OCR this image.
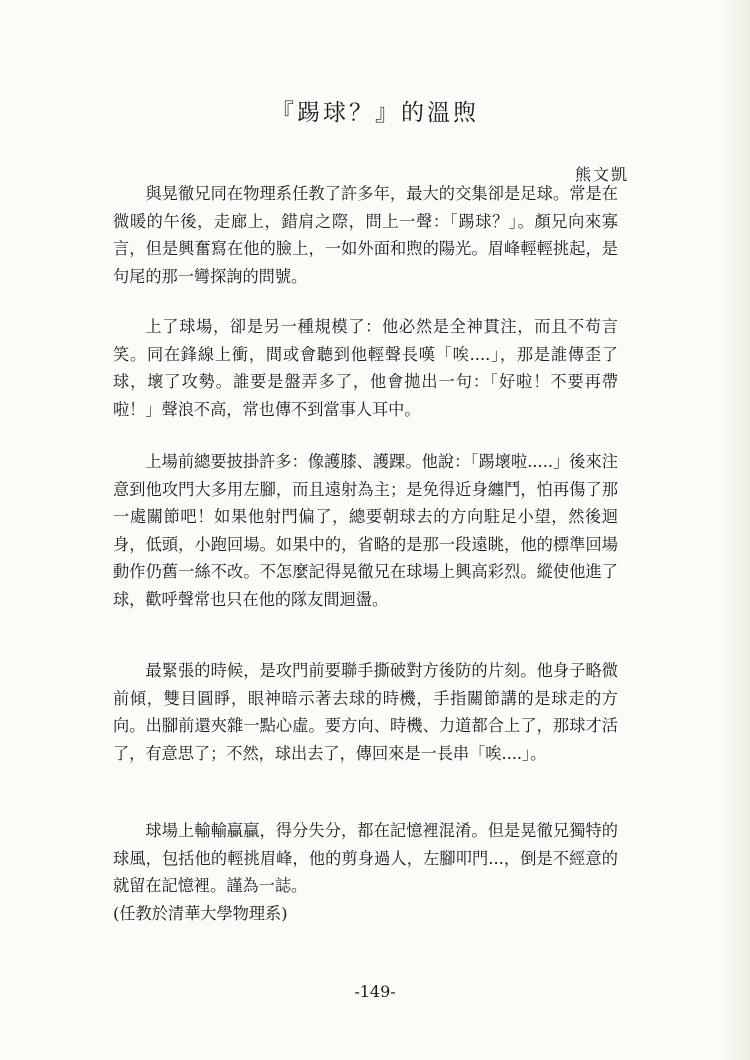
『踢球？』的溫煦

熊文凱

與晃徹兄同在物理系任教了許多年，最大的交集卻是足球。常是在微暖的午後，走廊上，錯肩之際，問上一聲：「踢球？」。顏兄向來寡言，但是興奮寫在他的臉上，一如外面和煦的陽光。眉峰輕輕挑起，是句尾的那一彎探詢的問號。

上了球場，卻是另一種規模了：他必然是全神貫注，而且不苟言笑。同在鋒線上衝，間或會聽到他輕聲長嘆「唉....」，那是誰傳歪了球，壞了攻勢。誰要是盤弄多了，他會拋出一句：「好啦！不要再帶啦！」聲浪不高，常也傳不到當事人耳中。

上場前總要披掛許多：像護膝、護踝。他說：「踢壞啦.....」後來注意到他攻門大多用左腳，而且遠射為主；是免得近身纏鬥，怕再傷了那一處關節吧！如果他射門偏了，總要朝球去的方向駐足小望，然後迴身，低頭，小跑回場。如果中的，省略的是那一段遠眺，他的標準回場動作仍舊一絲不改。不怎麼記得晃徹兄在球場上興高彩烈。縱使他進了球，歡呼聲常也只在他的隊友間迴盪。

最緊張的時候，是攻門前要聯手撕破對方後防的片刻。他身子略微前傾，雙目圓睜，眼神暗示著去球的時機，手指關節講的是球走的方向。出腳前還夾雜一點心虛。要方向、時機、力道都合上了，那球才活了，有意思了；不然，球出去了，傳回來是一長串「唉....」。

球場上輸輸贏贏，得分失分，都在記憶裡混淆。但是晃徹兄獨特的球風，包括他的輕挑眉峰，他的剪身過人，左腳叩門...，倒是不經意的就留在記憶裡。謹為一誌。

(任教於清華大學物理系)

-149-
